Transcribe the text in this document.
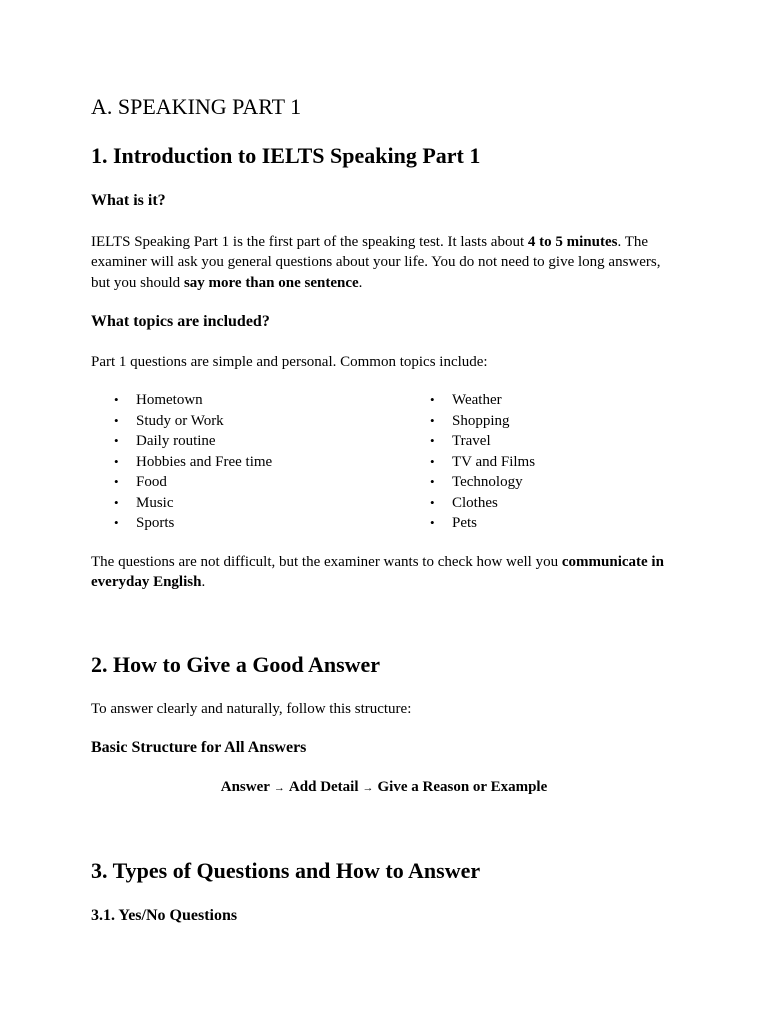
A. SPEAKING PART 1
1. Introduction to IELTS Speaking Part 1
What is it?

IELTS Speaking Part 1 is the first part of the speaking test. It lasts about 4 to 5 minutes. The examiner will ask you general questions about your life. You do not need to give long answers, but you should say more than one sentence.

What topics are included?

Part 1 questions are simple and personal. Common topics include:

• Hometown
• Study or Work
• Daily routine
• Hobbies and Free time
• Food
• Music
• Sports
• Weather
• Shopping
• Travel
• TV and Films
• Technology
• Clothes
• Pets

The questions are not difficult, but the examiner wants to check how well you communicate in everyday English.

2. How to Give a Good Answer

To answer clearly and naturally, follow this structure:

Basic Structure for All Answers

Answer → Add Detail → Give a Reason or Example

3. Types of Questions and How to Answer
3.1. Yes/No Questions
